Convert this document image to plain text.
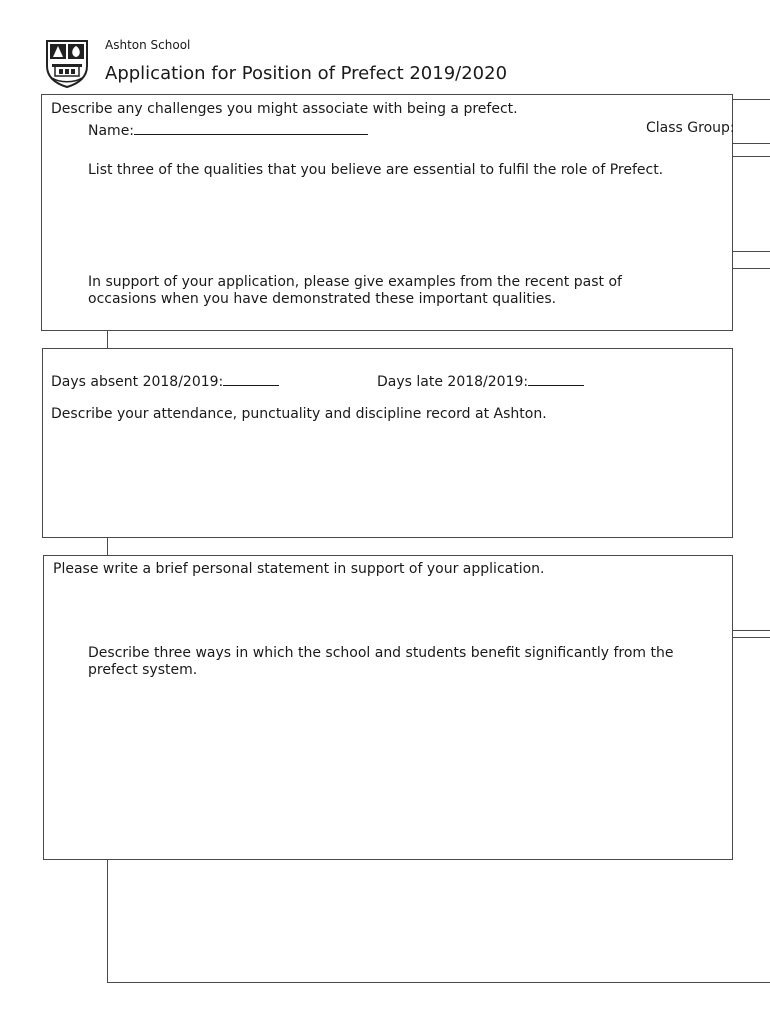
Ashton School
Application for Position of Prefect 2019/2020
Describe any challenges you might associate with being a prefect.
Name:	Class Group:
List three of the qualities that you believe are essential to fulfil the role of Prefect.
In support of your application, please give examples from the recent past of
occasions when you have demonstrated these important qualities.
Days absent 2018/2019:	Days late 2018/2019:
Describe your attendance, punctuality and discipline record at Ashton.
Please write a brief personal statement in support of your application.
Describe three ways in which the school and students benefit significantly from the
prefect system.
